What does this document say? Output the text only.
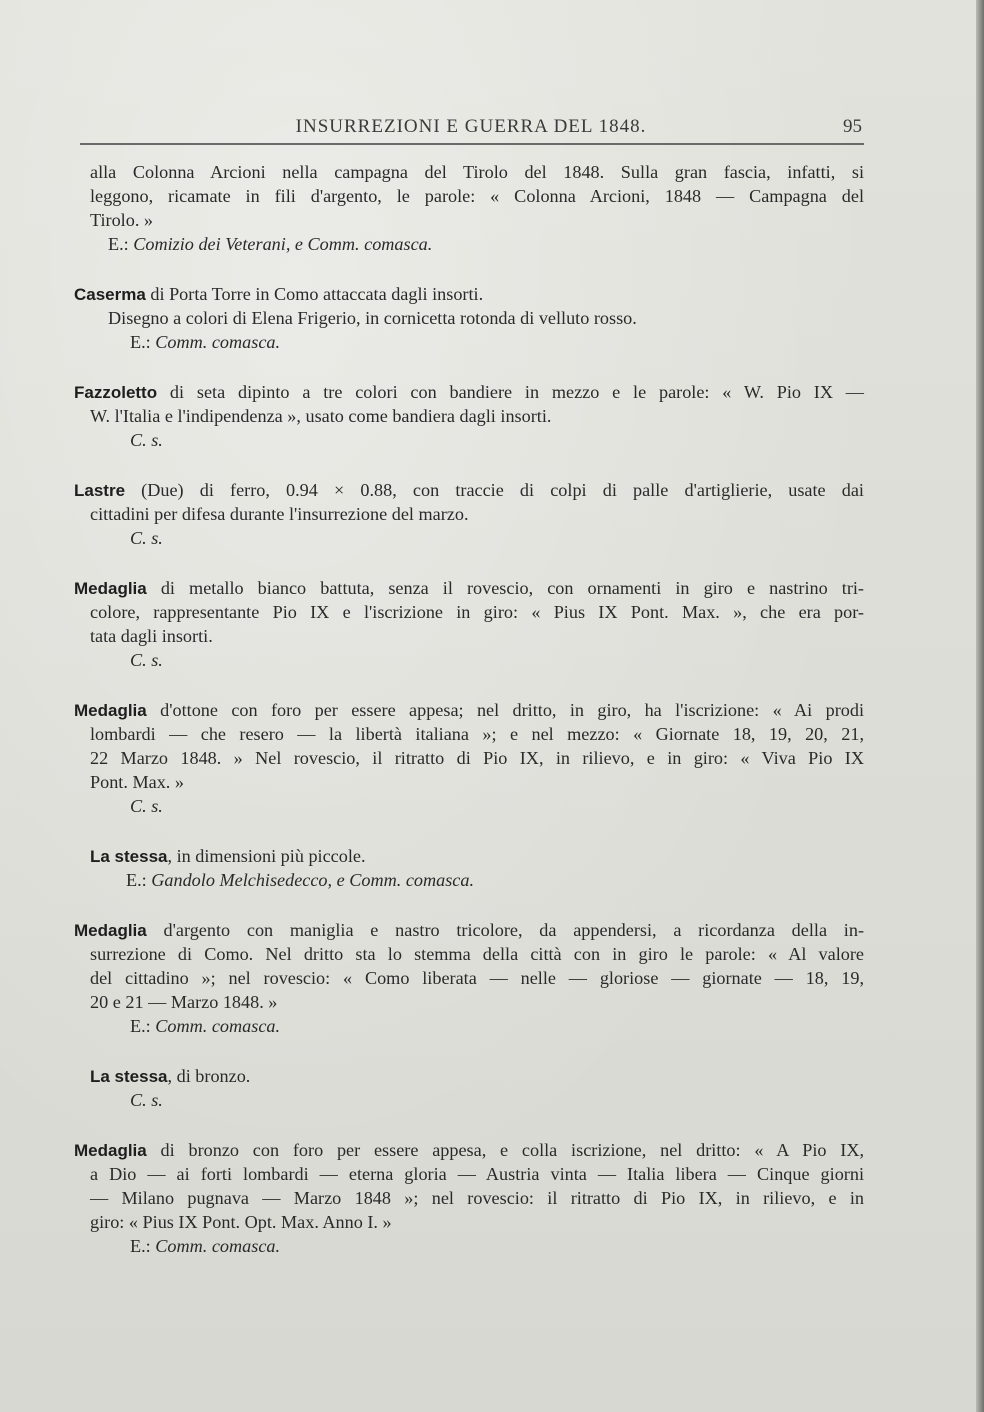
INSURREZIONI E GUERRA DEL 1848.	95
alla Colonna Arcioni nella campagna del Tirolo del 1848. Sulla gran fascia, infatti, si
leggono, ricamate in fili d'argento, le parole: « Colonna Arcioni, 1848 — Campagna del
Tirolo. »
E.: Comizio dei Veterani, e Comm. comasca.
Caserma di Porta Torre in Como attaccata dagli insorti.
Disegno a colori di Elena Frigerio, in cornicetta rotonda di velluto rosso.
E.: Comm. comasca.
Fazzoletto di seta dipinto a tre colori con bandiere in mezzo e le parole: « W. Pio IX —
W. l'Italia e l'indipendenza », usato come bandiera dagli insorti.
C. s.
Lastre (Due) di ferro, 0.94 × 0.88, con traccie di colpi di palle d'artiglierie, usate dai
cittadini per difesa durante l'insurrezione del marzo.
C. s.
Medaglia di metallo bianco battuta, senza il rovescio, con ornamenti in giro e nastrino tri-
colore, rappresentante Pio IX e l'iscrizione in giro: « Pius IX Pont. Max. », che era por-
tata dagli insorti.
C. s.
Medaglia d'ottone con foro per essere appesa; nel dritto, in giro, ha l'iscrizione: « Ai prodi
lombardi — che resero — la libertà italiana »; e nel mezzo: « Giornate 18, 19, 20, 21,
22 Marzo 1848. » Nel rovescio, il ritratto di Pio IX, in rilievo, e in giro: « Viva Pio IX
Pont. Max. »
C. s.
La stessa, in dimensioni più piccole.
E.: Gandolo Melchisedecco, e Comm. comasca.
Medaglia d'argento con maniglia e nastro tricolore, da appendersi, a ricordanza della in-
surrezione di Como. Nel dritto sta lo stemma della città con in giro le parole: « Al valore
del cittadino »; nel rovescio: « Como liberata — nelle — gloriose — giornate — 18, 19,
20 e 21 — Marzo 1848. »
E.: Comm. comasca.
La stessa, di bronzo.
C. s.
Medaglia di bronzo con foro per essere appesa, e colla iscrizione, nel dritto: « A Pio IX,
a Dio — ai forti lombardi — eterna gloria — Austria vinta — Italia libera — Cinque giorni
— Milano pugnava — Marzo 1848 »; nel rovescio: il ritratto di Pio IX, in rilievo, e in
giro: « Pius IX Pont. Opt. Max. Anno I. »
E.: Comm. comasca.
